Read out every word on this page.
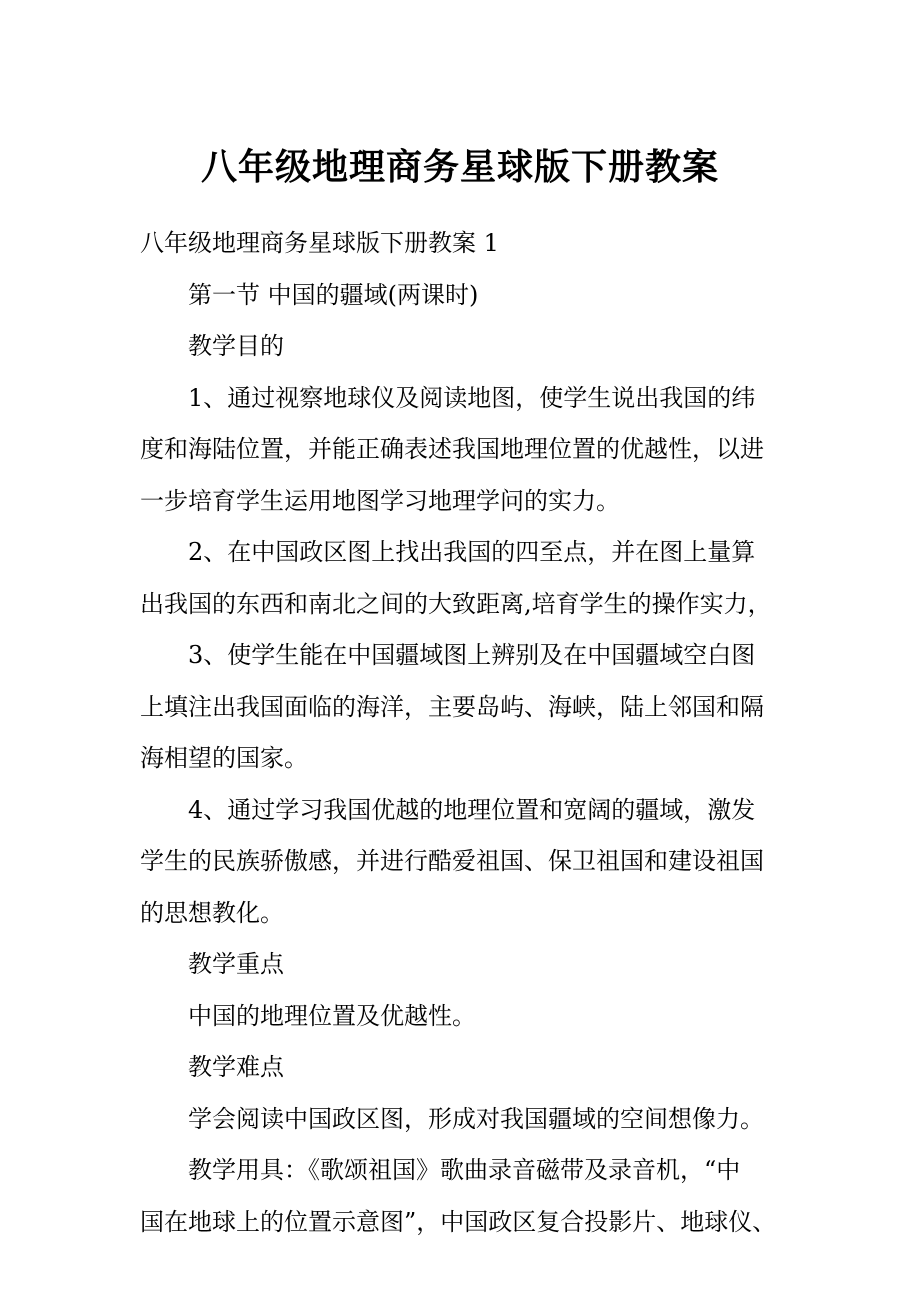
八年级地理商务星球版下册教案

八年级地理商务星球版下册教案 1

第一节 中国的疆域(两课时)

教学目的

1、通过视察地球仪及阅读地图，使学生说出我国的纬
度和海陆位置，并能正确表述我国地理位置的优越性，以进
一步培育学生运用地图学习地理学问的实力。

2、在中国政区图上找出我国的四至点，并在图上量算
出我国的东西和南北之间的大致距离,培育学生的操作实力，

3、使学生能在中国疆域图上辨别及在中国疆域空白图
上填注出我国面临的海洋，主要岛屿、海峡，陆上邻国和隔
海相望的国家。

4、通过学习我国优越的地理位置和宽阔的疆域，激发
学生的民族骄傲感，并进行酷爱祖国、保卫祖国和建设祖国
的思想教化。

教学重点

中国的地理位置及优越性。

教学难点

学会阅读中国政区图，形成对我国疆域的空间想像力。

教学用具：《歌颂祖国》歌曲录音磁带及录音机，“中
国在地球上的位置示意图”，中国政区复合投影片、地球仪、
